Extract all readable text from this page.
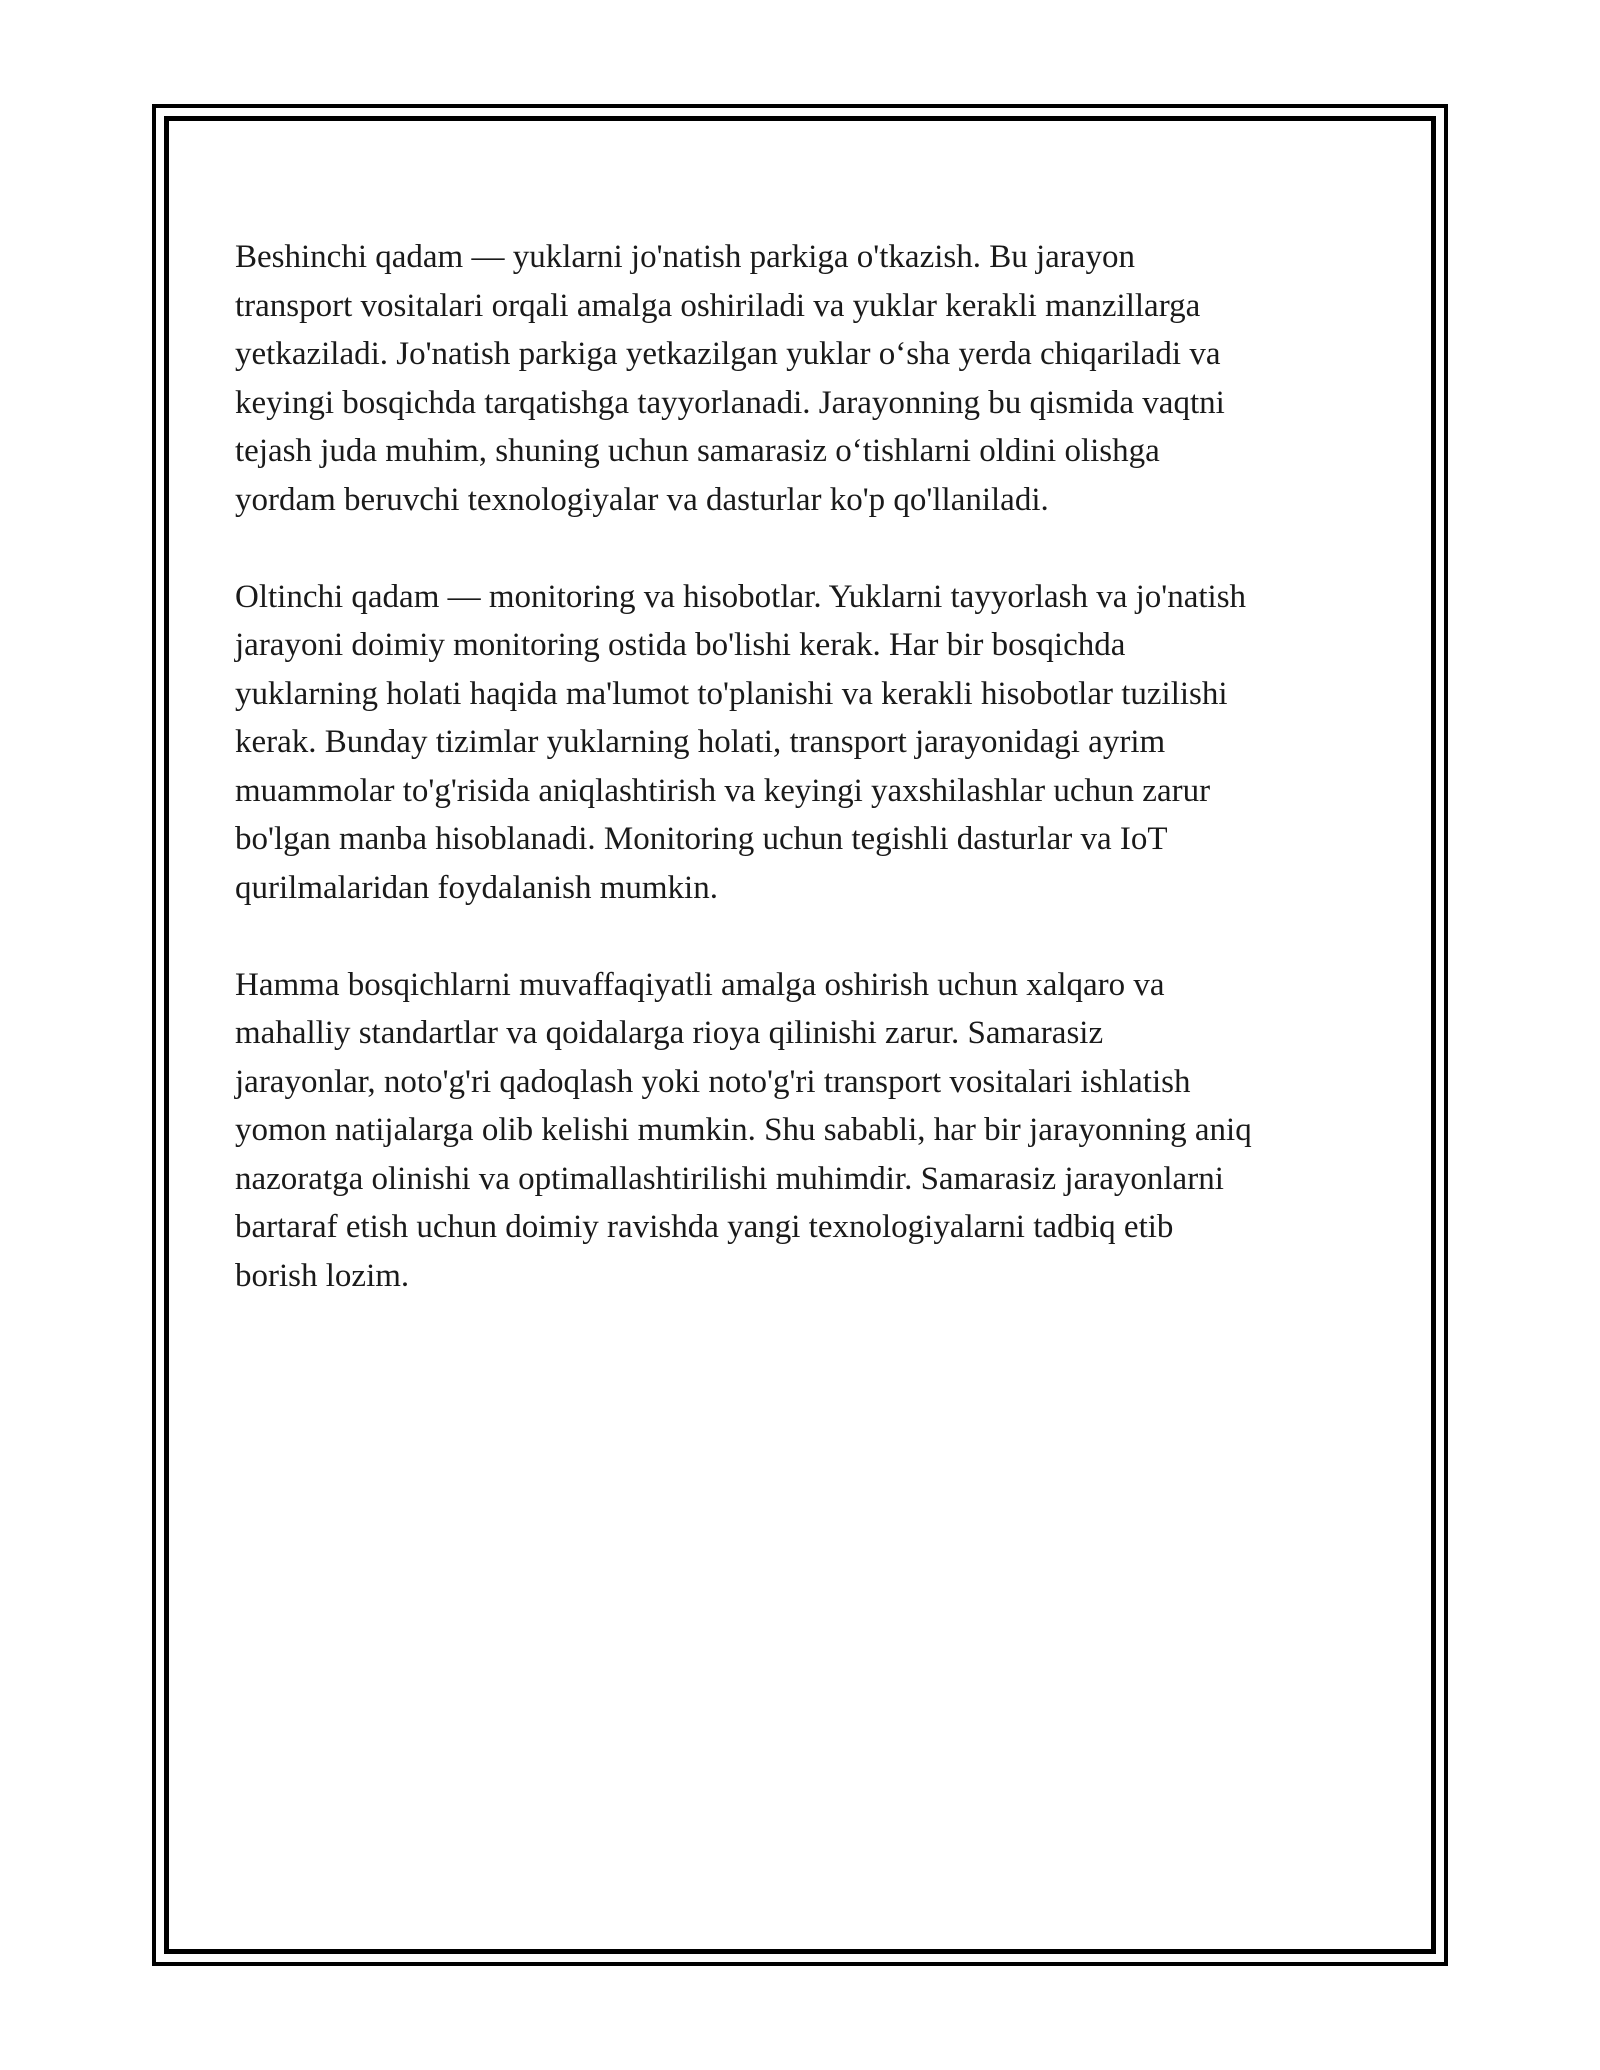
Beshinchi qadam — yuklarni jo'natish parkiga o'tkazish. Bu jarayon
transport vositalari orqali amalga oshiriladi va yuklar kerakli manzillarga
yetkaziladi. Jo'natish parkiga yetkazilgan yuklar o‘sha yerda chiqariladi va
keyingi bosqichda tarqatishga tayyorlanadi. Jarayonning bu qismida vaqtni
tejash juda muhim, shuning uchun samarasiz o‘tishlarni oldini olishga
yordam beruvchi texnologiyalar va dasturlar ko'p qo'llaniladi.

Oltinchi qadam — monitoring va hisobotlar. Yuklarni tayyorlash va jo'natish
jarayoni doimiy monitoring ostida bo'lishi kerak. Har bir bosqichda
yuklarning holati haqida ma'lumot to'planishi va kerakli hisobotlar tuzilishi
kerak. Bunday tizimlar yuklarning holati, transport jarayonidagi ayrim
muammolar to'g'risida aniqlashtirish va keyingi yaxshilashlar uchun zarur
bo'lgan manba hisoblanadi. Monitoring uchun tegishli dasturlar va IoT
qurilmalaridan foydalanish mumkin.

Hamma bosqichlarni muvaffaqiyatli amalga oshirish uchun xalqaro va
mahalliy standartlar va qoidalarga rioya qilinishi zarur. Samarasiz
jarayonlar, noto'g'ri qadoqlash yoki noto'g'ri transport vositalari ishlatish
yomon natijalarga olib kelishi mumkin. Shu sababli, har bir jarayonning aniq
nazoratga olinishi va optimallashtirilishi muhimdir. Samarasiz jarayonlarni
bartaraf etish uchun doimiy ravishda yangi texnologiyalarni tadbiq etib
borish lozim.
